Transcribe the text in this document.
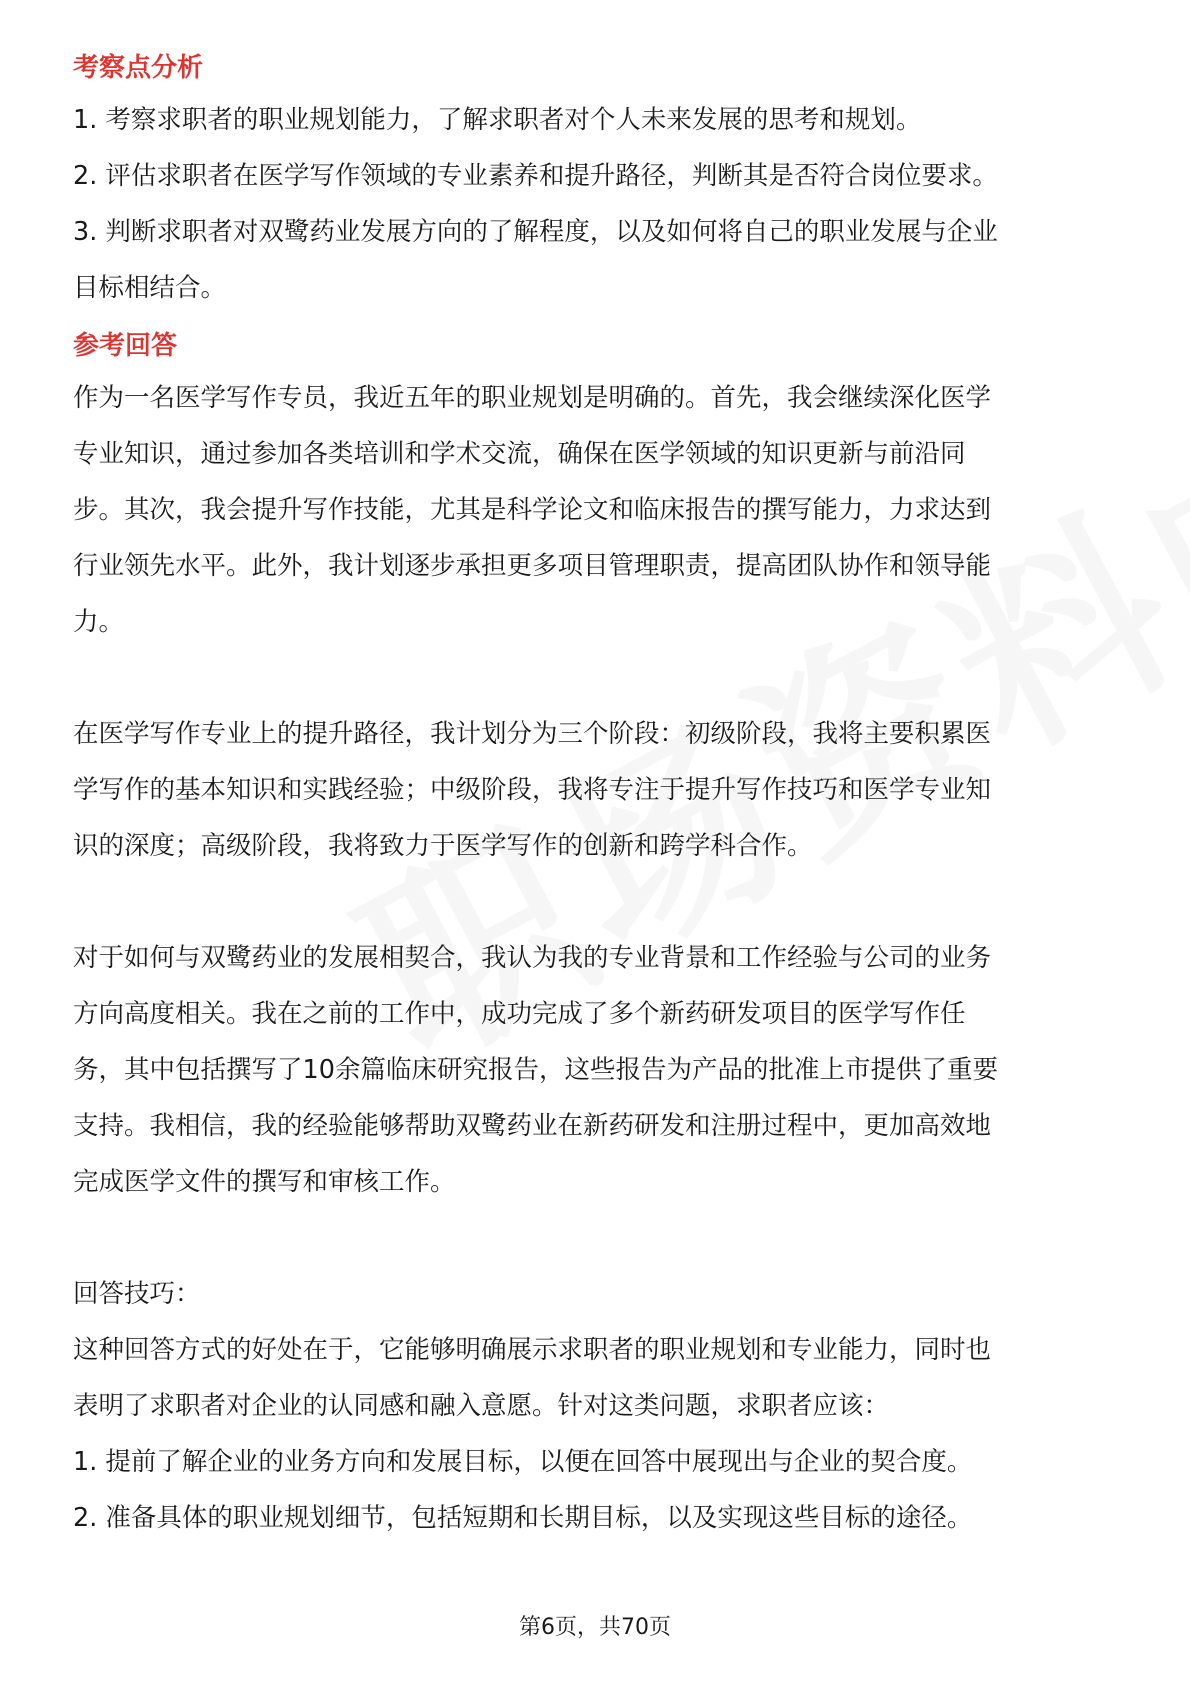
考察点分析

1. 考察求职者的职业规划能力，了解求职者对个人未来发展的思考和规划。

2. 评估求职者在医学写作领域的专业素养和提升路径，判断其是否符合岗位要求。

3. 判断求职者对双鹭药业发展方向的了解程度，以及如何将自己的职业发展与企业

目标相结合。

参考回答

作为一名医学写作专员，我近五年的职业规划是明确的。首先，我会继续深化医学

专业知识，通过参加各类培训和学术交流，确保在医学领域的知识更新与前沿同

步。其次，我会提升写作技能，尤其是科学论文和临床报告的撰写能力，力求达到

行业领先水平。此外，我计划逐步承担更多项目管理职责，提高团队协作和领导能

力。

在医学写作专业上的提升路径，我计划分为三个阶段：初级阶段，我将主要积累医

学写作的基本知识和实践经验；中级阶段，我将专注于提升写作技巧和医学专业知

识的深度；高级阶段，我将致力于医学写作的创新和跨学科合作。

对于如何与双鹭药业的发展相契合，我认为我的专业背景和工作经验与公司的业务

方向高度相关。我在之前的工作中，成功完成了多个新药研发项目的医学写作任

务，其中包括撰写了10余篇临床研究报告，这些报告为产品的批准上市提供了重要

支持。我相信，我的经验能够帮助双鹭药业在新药研发和注册过程中，更加高效地

完成医学文件的撰写和审核工作。

回答技巧：

这种回答方式的好处在于，它能够明确展示求职者的职业规划和专业能力，同时也

表明了求职者对企业的认同感和融入意愿。针对这类问题，求职者应该：

1. 提前了解企业的业务方向和发展目标，以便在回答中展现出与企业的契合度。

2. 准备具体的职业规划细节，包括短期和长期目标，以及实现这些目标的途径。

第6页，共70页
